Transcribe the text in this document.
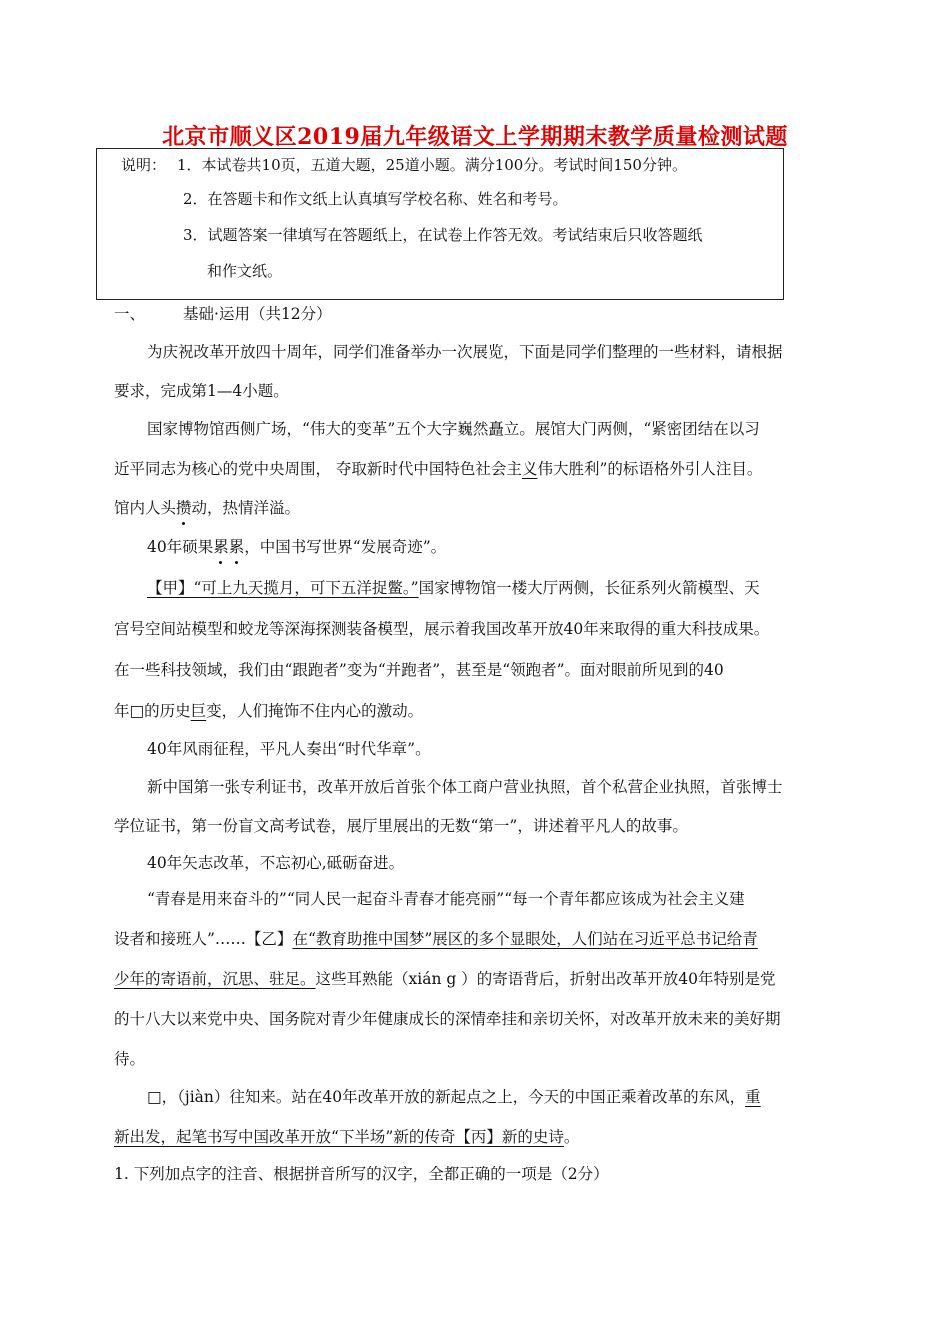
北京市顺义区2019届九年级语文上学期期末教学质量检测试题
说明： 1．本试卷共10页，五道大题，25道小题。满分100分。考试时间150分钟。
2．在答题卡和作文纸上认真填写学校名称、姓名和考号。
3．试题答案一律填写在答题纸上，在试卷上作答无效。考试结束后只收答题纸
和作文纸。
一、 基础·运用（共12分）
为庆祝改革开放四十周年，同学们准备举办一次展览，下面是同学们整理的一些材料，请根据
要求，完成第1—4小题。
国家博物馆西侧广场，“伟大的变革”五个大字巍然矗立。展馆大门两侧，“紧密团结在以习
近平同志为核心的党中央周围， 夺取新时代中国特色社会主义伟大胜利”的标语格外引人注目。
馆内人头攒动，热情洋溢。
40年硕果累累，中国书写世界“发展奇迹”。
【甲】“可上九天揽月，可下五洋捉鳖。”国家博物馆一楼大厅两侧，长征系列火箭模型、天
宫号空间站模型和蛟龙等深海探测装备模型，展示着我国改革开放40年来取得的重大科技成果。
在一些科技领域，我们由“跟跑者”变为“并跑者”，甚至是“领跑者”。面对眼前所见到的40
年□的历史巨变，人们掩饰不住内心的激动。
40年风雨征程，平凡人奏出“时代华章”。
新中国第一张专利证书，改革开放后首张个体工商户营业执照，首个私营企业执照，首张博士
学位证书，第一份盲文高考试卷，展厅里展出的无数“第一”，讲述着平凡人的故事。
40年矢志改革，不忘初心,砥砺奋进。
“青春是用来奋斗的”“同人民一起奋斗青春才能亮丽”“每一个青年都应该成为社会主义建
设者和接班人”……【乙】在“教育助推中国梦”展区的多个显眼处，人们站在习近平总书记给青
少年的寄语前，沉思、驻足。这些耳熟能（xián g ）的寄语背后，折射出改革开放40年特别是党
的十八大以来党中央、国务院对青少年健康成长的深情牵挂和亲切关怀，对改革开放未来的美好期
待。
□，（jiàn）往知来。站在40年改革开放的新起点之上，今天的中国正乘着改革的东风，重
新出发，起笔书写中国改革开放“下半场”新的传奇【丙】新的史诗。
1. 下列加点字的注音、根据拼音所写的汉字，全都正确的一项是（2分）
